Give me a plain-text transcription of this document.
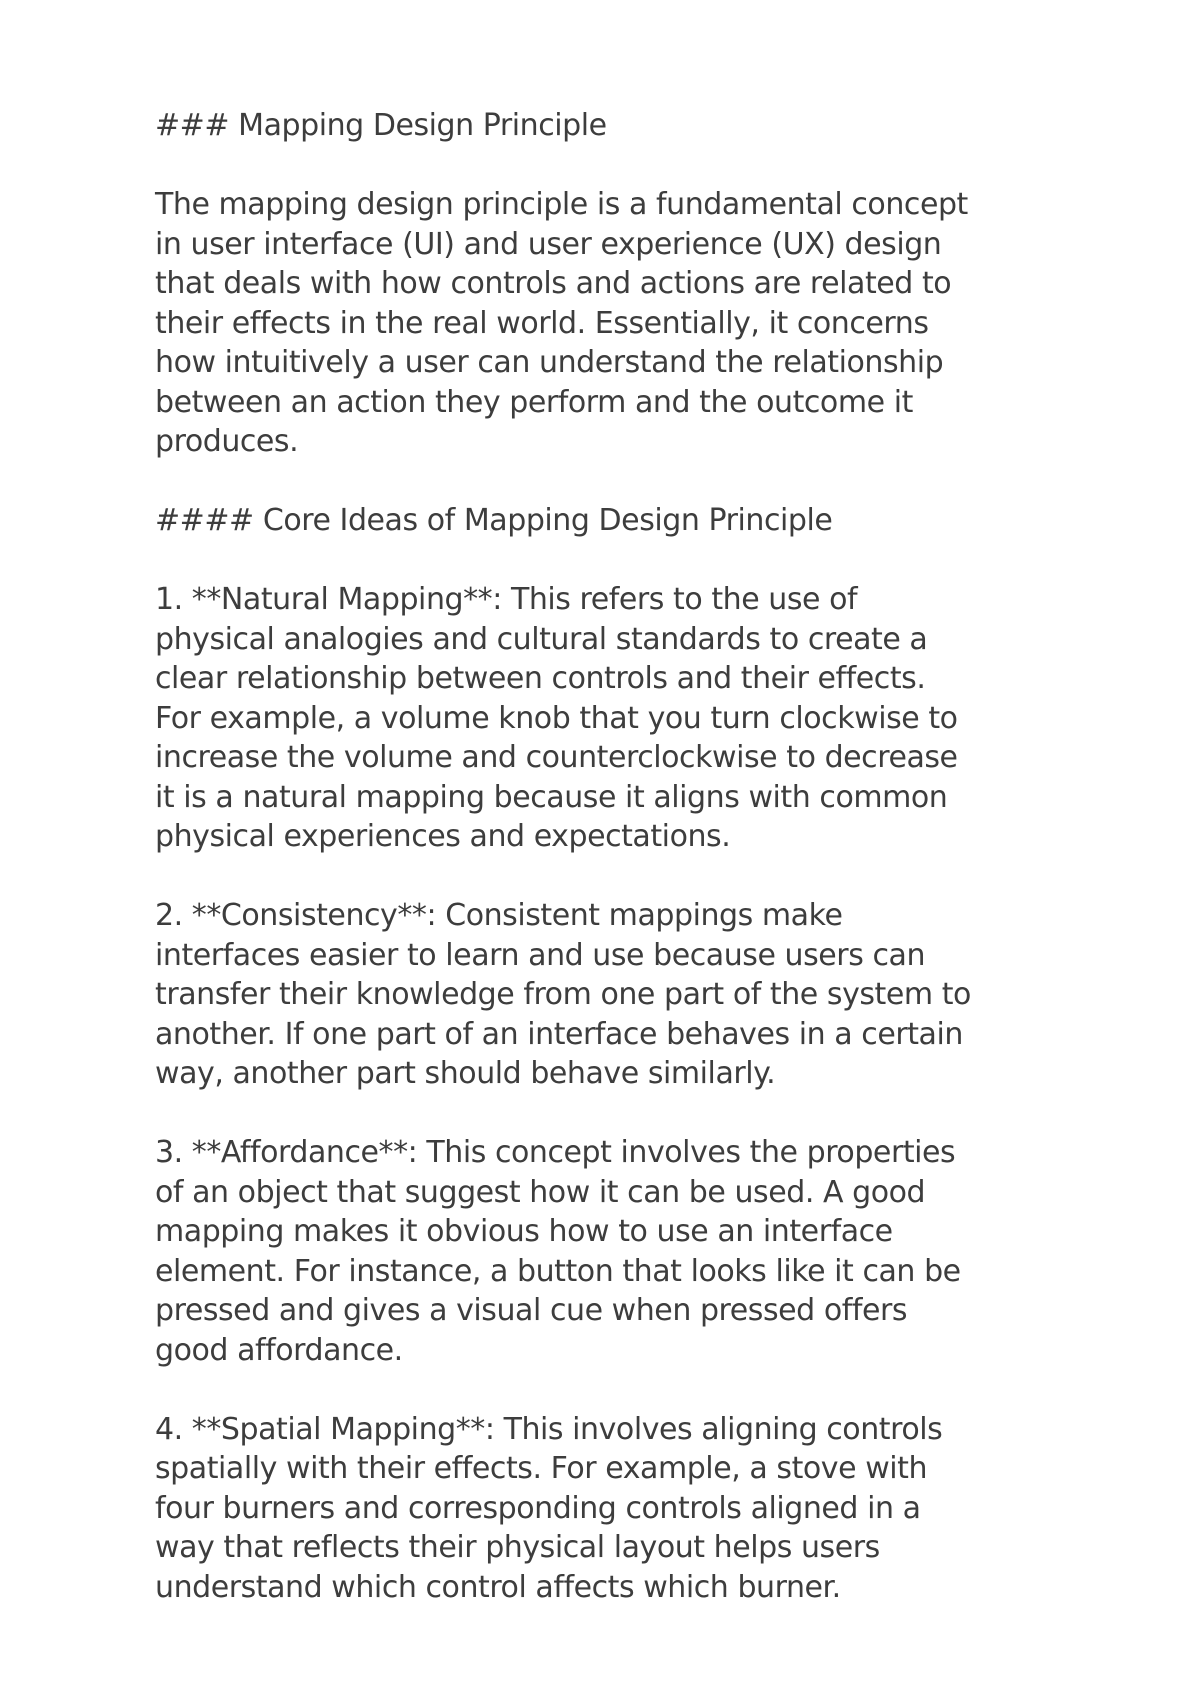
### Mapping Design Principle

The mapping design principle is a fundamental concept
in user interface (UI) and user experience (UX) design
that deals with how controls and actions are related to
their effects in the real world. Essentially, it concerns
how intuitively a user can understand the relationship
between an action they perform and the outcome it
produces.

#### Core Ideas of Mapping Design Principle

1. **Natural Mapping**: This refers to the use of
physical analogies and cultural standards to create a
clear relationship between controls and their effects.
For example, a volume knob that you turn clockwise to
increase the volume and counterclockwise to decrease
it is a natural mapping because it aligns with common
physical experiences and expectations.

2. **Consistency**: Consistent mappings make
interfaces easier to learn and use because users can
transfer their knowledge from one part of the system to
another. If one part of an interface behaves in a certain
way, another part should behave similarly.

3. **Affordance**: This concept involves the properties
of an object that suggest how it can be used. A good
mapping makes it obvious how to use an interface
element. For instance, a button that looks like it can be
pressed and gives a visual cue when pressed offers
good affordance.

4. **Spatial Mapping**: This involves aligning controls
spatially with their effects. For example, a stove with
four burners and corresponding controls aligned in a
way that reflects their physical layout helps users
understand which control affects which burner.
